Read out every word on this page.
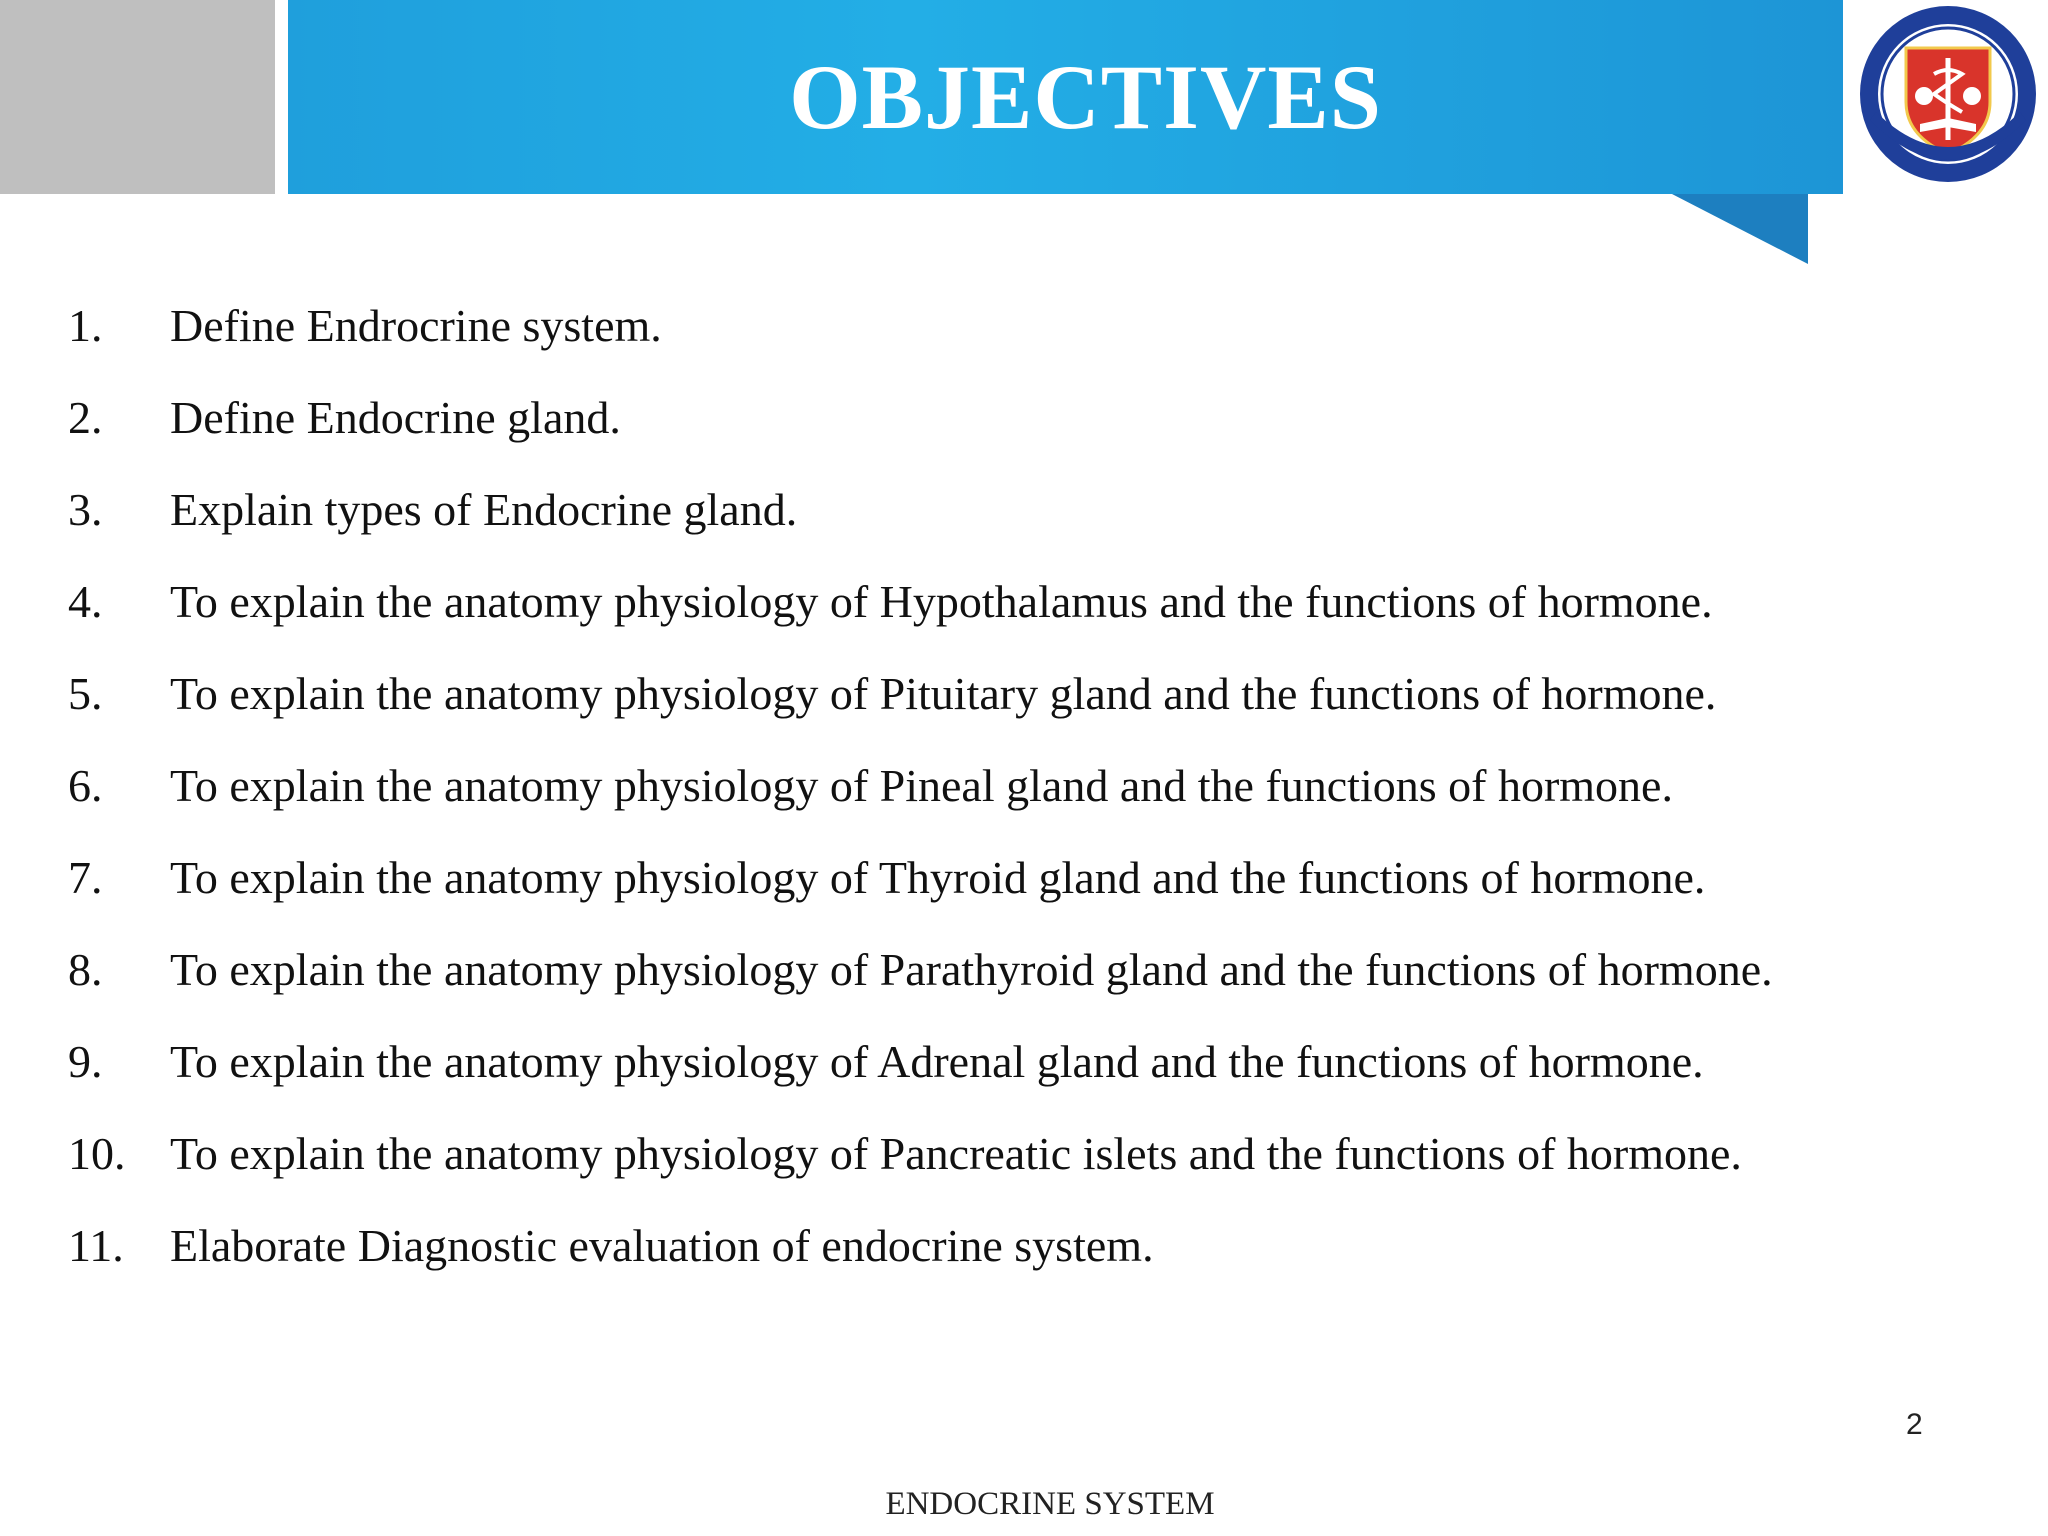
OBJECTIVES
1. Define Endrocrine system.
2. Define Endocrine gland.
3. Explain types of Endocrine gland.
4. To explain the anatomy physiology of Hypothalamus and the functions of hormone.
5. To explain the anatomy physiology of Pituitary gland and the functions of hormone.
6. To explain the anatomy physiology of Pineal gland and the functions of hormone.
7. To explain the anatomy physiology of Thyroid gland and the functions of hormone.
8. To explain the anatomy physiology of Parathyroid gland and the functions of hormone.
9. To explain the anatomy physiology of Adrenal gland and the functions of hormone.
10. To explain the anatomy physiology of Pancreatic islets and the functions of hormone.
11. Elaborate Diagnostic evaluation of endocrine system.
2
ENDOCRINE SYSTEM
